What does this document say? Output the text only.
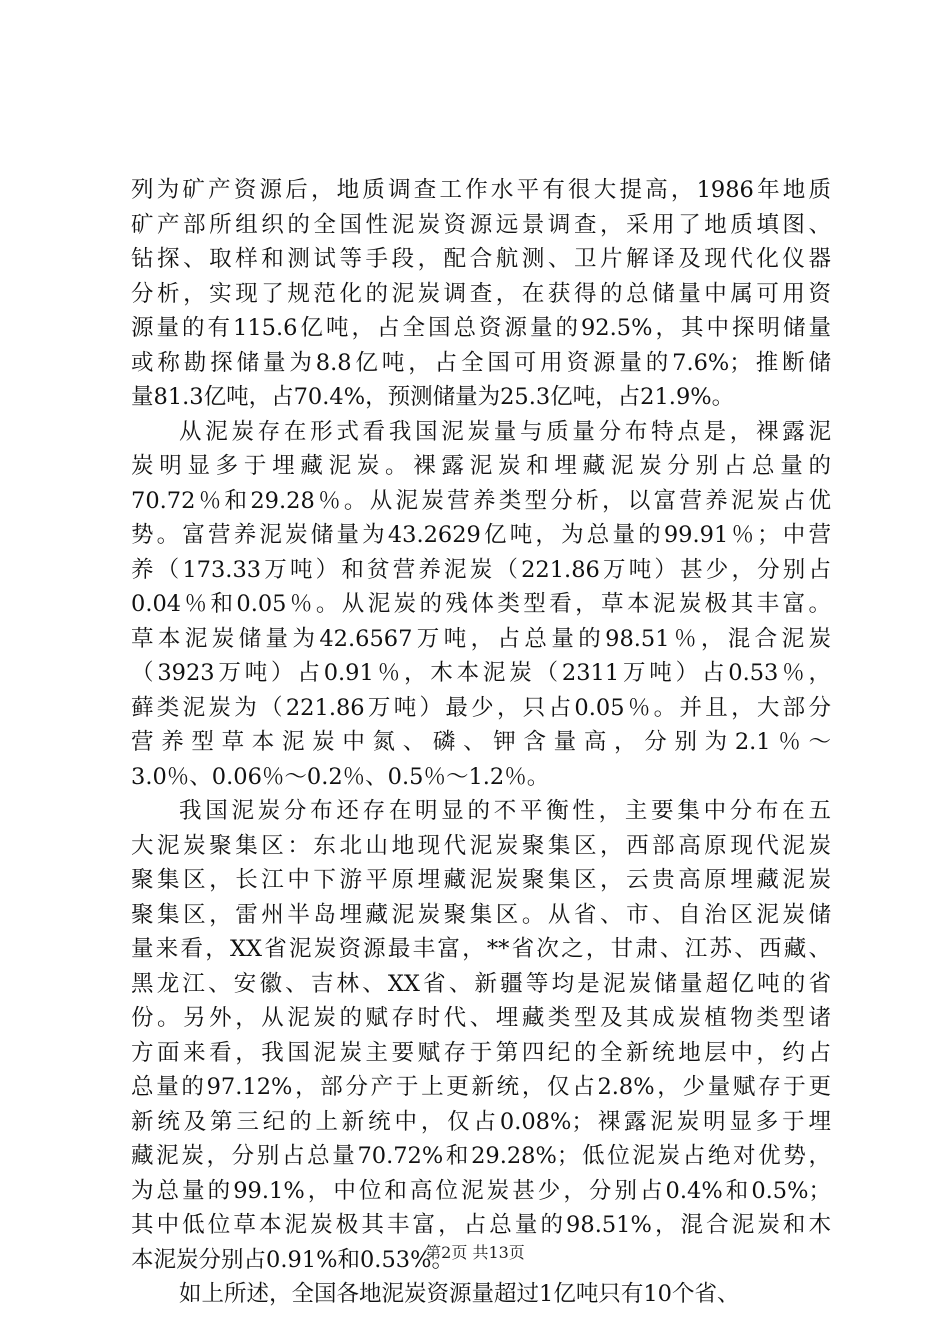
列为矿产资源后，地质调查工作水平有很大提高，1986年地质
矿产部所组织的全国性泥炭资源远景调查，采用了地质填图、
钻探、取样和测试等手段，配合航测、卫片解译及现代化仪器
分析，实现了规范化的泥炭调查，在获得的总储量中属可用资
源量的有115.6亿吨，占全国总资源量的92.5%，其中探明储量
或称勘探储量为8.8亿吨，占全国可用资源量的7.6%；推断储
量81.3亿吨，占70.4%，预测储量为25.3亿吨，占21.9%。
从泥炭存在形式看我国泥炭量与质量分布特点是，裸露泥
炭明显多于埋藏泥炭。裸露泥炭和埋藏泥炭分别占总量的
70.72％和29.28％。从泥炭营养类型分析，以富营养泥炭占优
势。富营养泥炭储量为43.2629亿吨，为总量的99.91％；中营
养（173.33万吨）和贫营养泥炭（221.86万吨）甚少，分别占
0.04％和0.05％。从泥炭的残体类型看，草本泥炭极其丰富。
草本泥炭储量为42.6567万吨，占总量的98.51％，混合泥炭
（3923万吨）占0.91％，木本泥炭（2311万吨）占0.53％，
藓类泥炭为（221.86万吨）最少，只占0.05％。并且，大部分
营养型草本泥炭中氮、磷、钾含量高，分别为2.1％～
3.0％、0.06％～0.2％、0.5％～1.2％。
我国泥炭分布还存在明显的不平衡性，主要集中分布在五
大泥炭聚集区：东北山地现代泥炭聚集区，西部高原现代泥炭
聚集区，长江中下游平原埋藏泥炭聚集区，云贵高原埋藏泥炭
聚集区，雷州半岛埋藏泥炭聚集区。从省、市、自治区泥炭储
量来看，XX省泥炭资源最丰富，**省次之，甘肃、江苏、西藏、
黑龙江、安徽、吉林、XX省、新疆等均是泥炭储量超亿吨的省
份。另外，从泥炭的赋存时代、埋藏类型及其成炭植物类型诸
方面来看，我国泥炭主要赋存于第四纪的全新统地层中，约占
总量的97.12%，部分产于上更新统，仅占2.8%，少量赋存于更
新统及第三纪的上新统中，仅占0.08%；裸露泥炭明显多于埋
藏泥炭，分别占总量70.72%和29.28%；低位泥炭占绝对优势，
为总量的99.1%，中位和高位泥炭甚少，分别占0.4%和0.5%；
其中低位草本泥炭极其丰富，占总量的98.51%，混合泥炭和木
本泥炭分别占0.91%和0.53%。
如上所述，全国各地泥炭资源量超过1亿吨只有10个省、
第2页 共13页
